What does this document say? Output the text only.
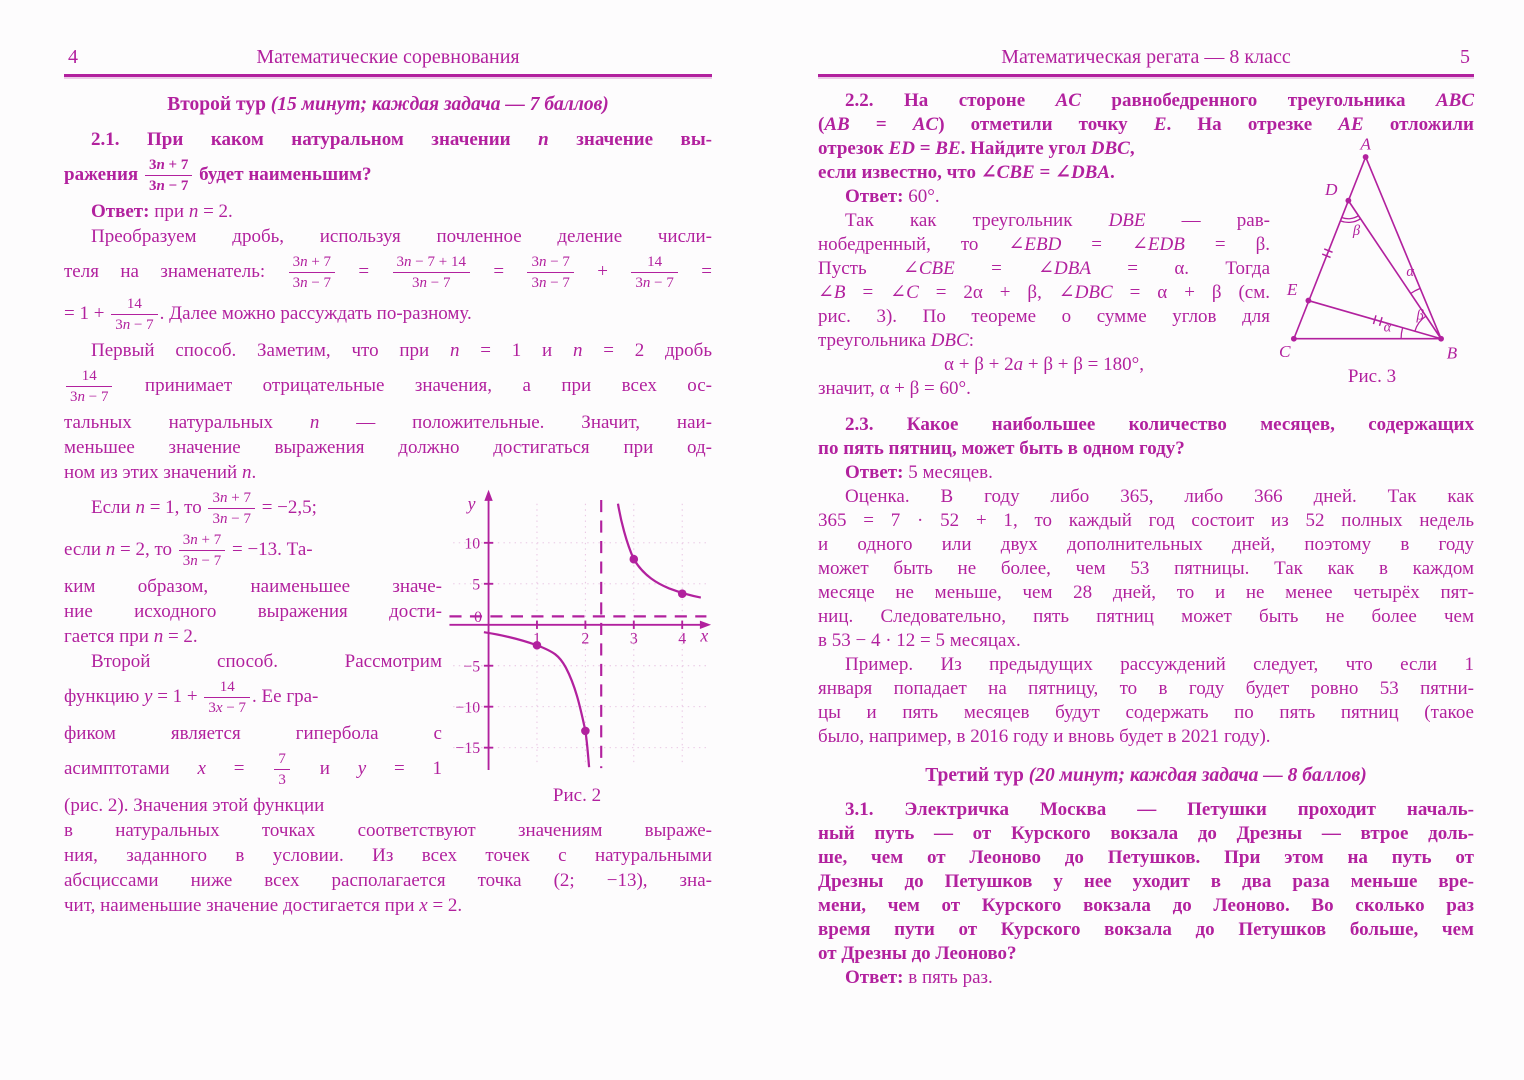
4	Математические соревнования
Второй тур (15 минут; каждая задача — 7 баллов)
2.1. При каком натуральном значении n значение вы-
ражения $\frac{3n + 7}{3n - 7}$ будет наименьшим?
Ответ: при n = 2.
Преобразуем дробь, используя почленное деление числи-
теля на знаменатель: $\frac{3n + 7}{3n - 7} = \frac{3n - 7 + 14}{3n - 7} = \frac{3n - 7}{3n - 7} + \frac{14}{3n - 7}$ =
= $1 + \frac{14}{3n - 7}$ . Далее можно рассуждать по-разному.
Первый способ. Заметим, что при n = 1 и n = 2 дробь
$\frac{14}{3n - 7}$ принимает отрицательные значения, а при всех ос-
тальных натуральных n — положительные. Значит, наи-
меньшее значение выражения должно достигаться при од-
ном из этих значений n.
Если n = 1, то $\frac{3n + 7}{3n - 7} = -2,5$;
если n = 2, то $\frac{3n + 7}{3n - 7} = -13$. Та-
ким образом, наименьшее значе-
ние исходного выражения дости-
гается при n = 2.
Второй способ. Рассмотрим
функцию $y = 1 + \frac{14}{3x - 7}$ . Ее гра-
фиком является гипербола с
асимптотами $x = \frac{7}{3}$ и y = 1
(рис. 2). Значения этой функции
10
5
−5
−10
−15
0
1 2 3 4
y
x
Рис. 2
в натуральных точках соответствуют значениям выраже-
ния, заданного в условии. Из всех точек с натуральными
абсциссами ниже всех располагается точка (2; −13), зна-
чит, наименьшие значение достигается при x = 2.
Математическая регата — 8 класс	5
2.2. На стороне AC равнобедренного треугольника ABC
(AB = AC) отметили точку E. На отрезке AE отложили
отрезок ED = BE. Найдите угол DBC,
если известно, что ∠CBE = ∠DBA.
Ответ: 60°.
Так как треугольник DBE — рав-
нобедренный, то ∠EBD = ∠EDB = β.
Пусть ∠CBE = ∠DBA = α. Тогда
∠B = ∠C = 2α + β, ∠DBC = α + β (см.
рис. 3). По теореме о сумме углов для
треугольника DBC:
α + β + 2a + β + β = 180°,
значит, α + β = 60°.
A
D
E
C	B
β
α
β
α
Рис. 3
2.3. Какое наибольшее количество месяцев, содержащих
по пять пятниц, может быть в одном году?
Ответ: 5 месяцев.
Оценка. В году либо 365, либо 366 дней. Так как
365 = 7 · 52 + 1, то каждый год состоит из 52 полных недель
и одного или двух дополнительных дней, поэтому в году
может быть не более, чем 53 пятницы. Так как в каждом
месяце не меньше, чем 28 дней, то и не менее четырёх пят-
ниц. Следовательно, пять пятниц может быть не более чем
в 53 − 4 · 12 = 5 месяцах.
Пример. Из предыдущих рассуждений следует, что если 1
января попадает на пятницу, то в году будет ровно 53 пятни-
цы и пять месяцев будут содержать по пять пятниц (такое
было, например, в 2016 году и вновь будет в 2021 году).
Третий тур (20 минут; каждая задача — 8 баллов)
3.1. Электричка Москва — Петушки проходит началь-
ный путь — от Курского вокзала до Дрезны — втрое доль-
ше, чем от Леоново до Петушков. При этом на путь от
Дрезны до Петушков у нее уходит в два раза меньше вре-
мени, чем от Курского вокзала до Леоново. Во сколько раз
время пути от Курского вокзала до Петушков больше, чем
от Дрезны до Леоново?
Ответ: в пять раз.
